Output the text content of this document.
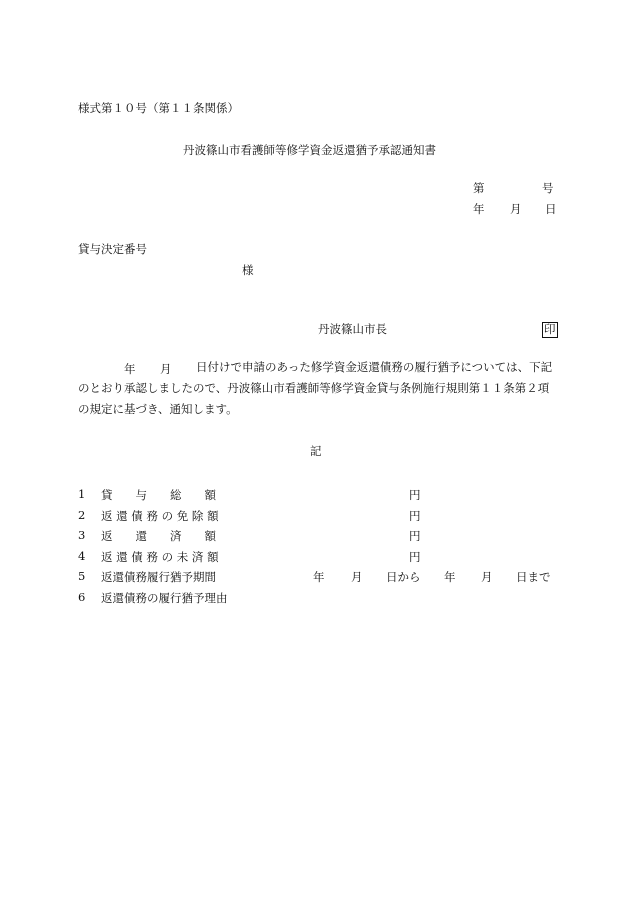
様式第１０号（第１１条関係）
丹波篠山市看護師等修学資金返還猶予承認通知書
第	号
年 月 日
貸与決定番号
様
丹波篠山市長	印
年 月	日付けで申請のあった修学資金返還債務の履行猶予については、下記のとおり承認しましたので、丹波篠山市看護師等修学資金貸与条例施行規則第１１条第２項の規定に基づき、通知します。
記
1 貸　　与　　総　　額	円
2 返 還 債 務 の 免 除 額	円
3 返　　還　　済　　額	円
4 返 還 債 務 の 未 済 額	円
5 返還債務履行猶予期間	年 月 日から 年 月 日まで
6 返還債務の履行猶予理由
